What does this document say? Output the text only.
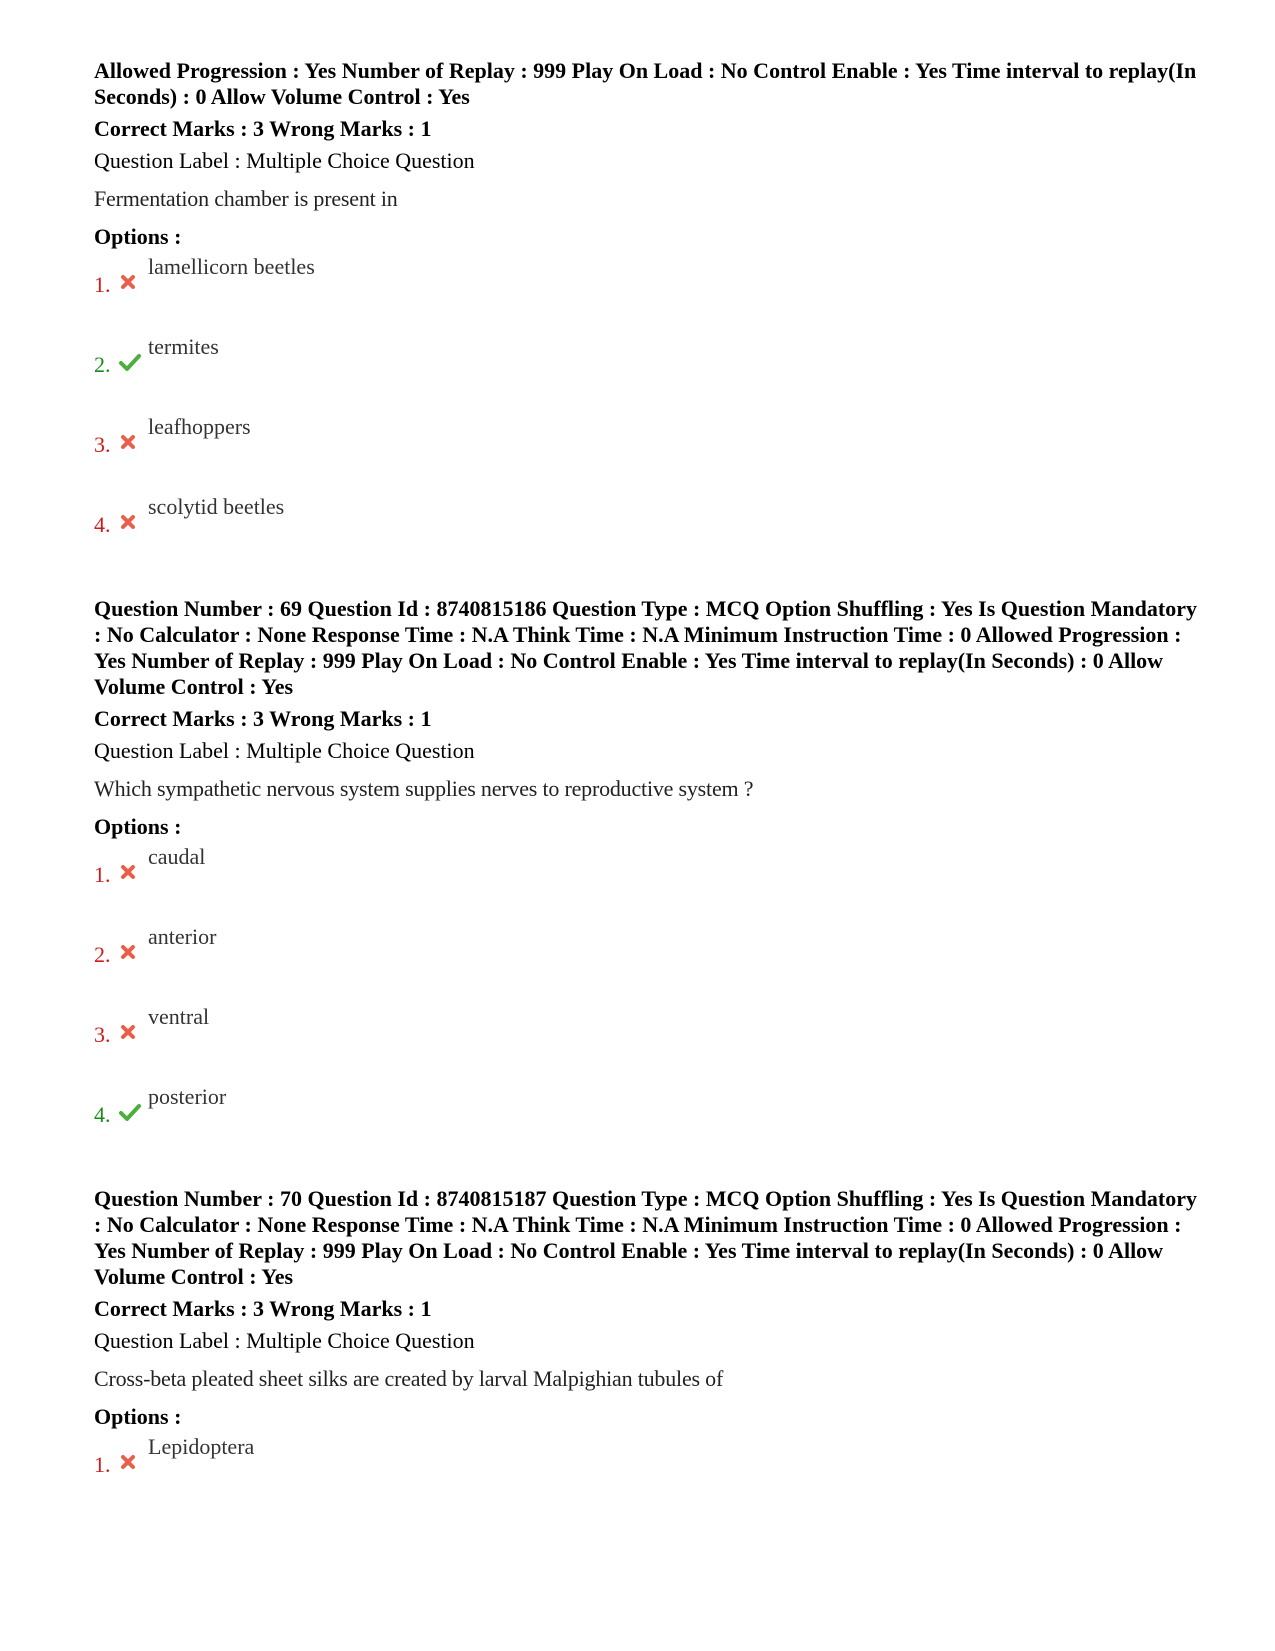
Allowed Progression : Yes Number of Replay : 999 Play On Load : No Control Enable : Yes Time interval to replay(In Seconds) : 0 Allow Volume Control : Yes

Correct Marks : 3 Wrong Marks : 1
Question Label : Multiple Choice Question
Fermentation chamber is present in
Options :
1.
lamellicorn beetles
2.
termites
3.
leafhoppers
4.
scolytid beetles

Question Number : 69 Question Id : 8740815186 Question Type : MCQ Option Shuffling : Yes Is Question Mandatory : No Calculator : None Response Time : N.A Think Time : N.A Minimum Instruction Time : 0 Allowed Progression : Yes Number of Replay : 999 Play On Load : No Control Enable : Yes Time interval to replay(In Seconds) : 0 Allow Volume Control : Yes

Correct Marks : 3 Wrong Marks : 1
Question Label : Multiple Choice Question
Which sympathetic nervous system supplies nerves to reproductive system ?
Options :
1.
caudal
2.
anterior
3.
ventral
4.
posterior

Question Number : 70 Question Id : 8740815187 Question Type : MCQ Option Shuffling : Yes Is Question Mandatory : No Calculator : None Response Time : N.A Think Time : N.A Minimum Instruction Time : 0 Allowed Progression : Yes Number of Replay : 999 Play On Load : No Control Enable : Yes Time interval to replay(In Seconds) : 0 Allow Volume Control : Yes

Correct Marks : 3 Wrong Marks : 1
Question Label : Multiple Choice Question
Cross-beta pleated sheet silks are created by larval Malpighian tubules of
Options :
1.
Lepidoptera
